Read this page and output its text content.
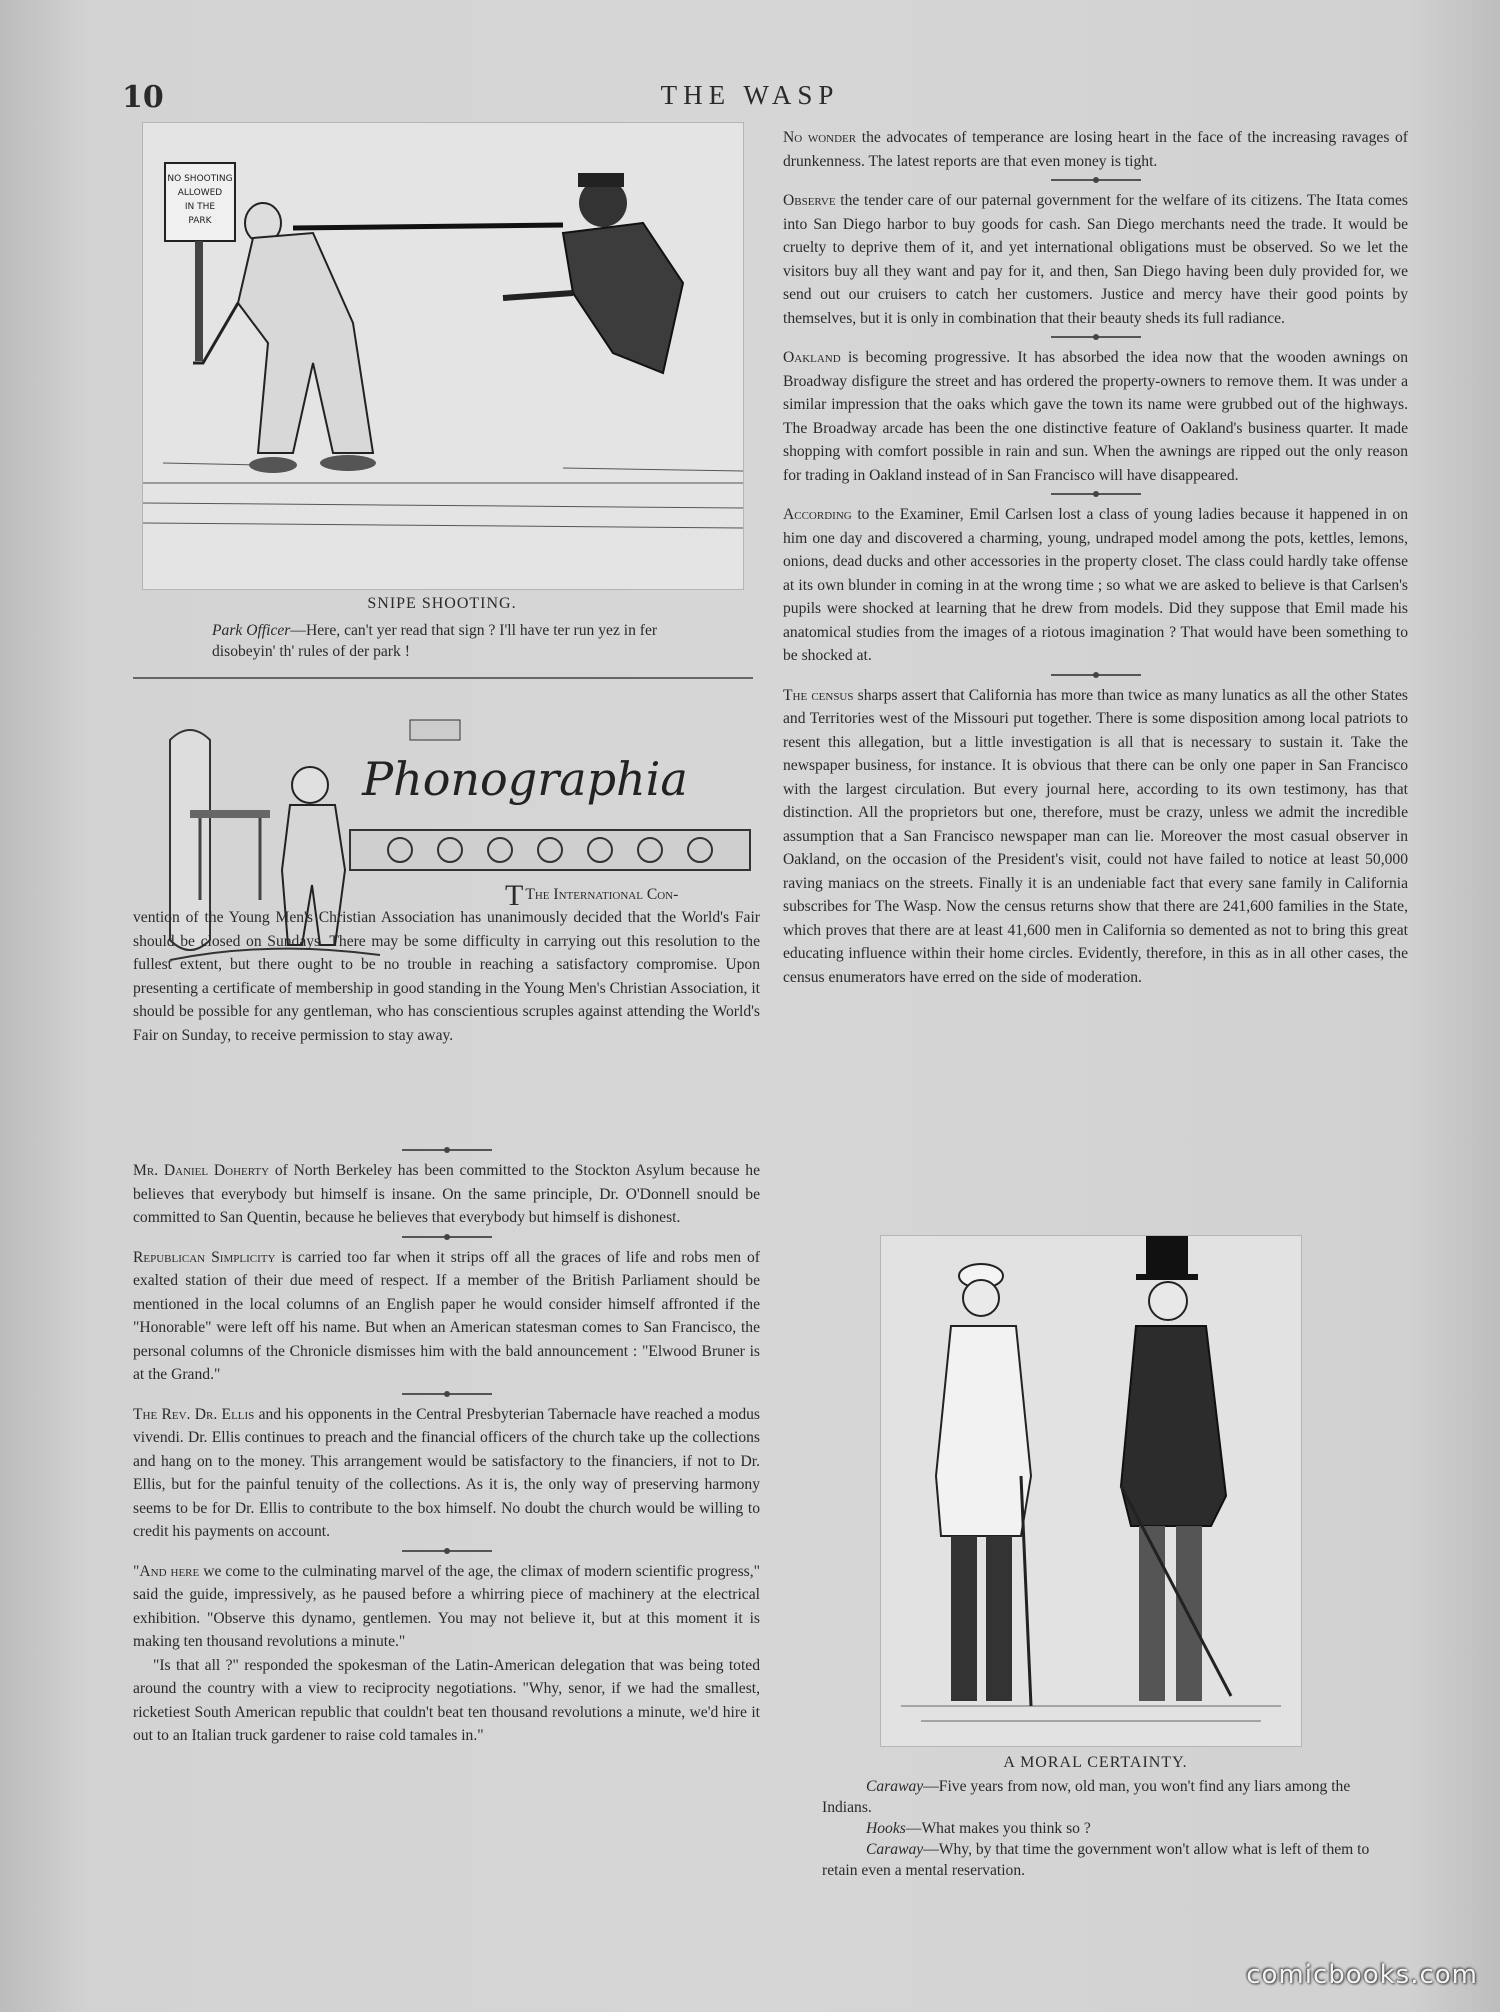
10	THE WASP
NO SHOOTING
ALLOWED
IN THE
PARK
SNIPE SHOOTING.
Park Officer—Here, can't yer read that sign ? I'll have ter run yez in fer disobeyin' th' rules of der park !
Phonographia
T The International Con-
vention of the Young Men's Christian Association has unanimously decided that the World's Fair should be closed on Sundays. There may be some difficulty in carrying out this resolution to the fullest extent, but there ought to be no trouble in reaching a satisfactory compromise. Upon presenting a certificate of membership in good standing in the Young Men's Christian Association, it should be possible for any gentleman, who has conscientious scruples against attending the World's Fair on Sunday, to receive permission to stay away.

Mr. Daniel Doherty of North Berkeley has been committed to the Stockton Asylum because he believes that everybody but himself is insane. On the same principle, Dr. O'Donnell snould be committed to San Quentin, because he believes that everybody but himself is dishonest.

Republican Simplicity is carried too far when it strips off all the graces of life and robs men of exalted station of their due meed of respect. If a member of the British Parliament should be mentioned in the local columns of an English paper he would consider himself affronted if the "Honorable" were left off his name. But when an American statesman comes to San Francisco, the personal columns of the Chronicle dismisses him with the bald announcement : "Elwood Bruner is at the Grand."

The Rev. Dr. Ellis and his opponents in the Central Presbyterian Tabernacle have reached a modus vivendi. Dr. Ellis continues to preach and the financial officers of the church take up the collections and hang on to the money. This arrangement would be satisfactory to the financiers, if not to Dr. Ellis, but for the painful tenuity of the collections. As it is, the only way of preserving harmony seems to be for Dr. Ellis to contribute to the box himself. No doubt the church would be willing to credit his payments on account.

"And here we come to the culminating marvel of the age, the climax of modern scientific progress," said the guide, impressively, as he paused before a whirring piece of machinery at the electrical exhibition. "Observe this dynamo, gentlemen. You may not believe it, but at this moment it is making ten thousand revolutions a minute."

"Is that all ?" responded the spokesman of the Latin-American delegation that was being toted around the country with a view to reciprocity negotiations. "Why, senor, if we had the smallest, ricketiest South American republic that couldn't beat ten thousand revolutions a minute, we'd hire it out to an Italian truck gardener to raise cold tamales in."

No wonder the advocates of temperance are losing heart in the face of the increasing ravages of drunkenness. The latest reports are that even money is tight.

Observe the tender care of our paternal government for the welfare of its citizens. The Itata comes into San Diego harbor to buy goods for cash. San Diego merchants need the trade. It would be cruelty to deprive them of it, and yet international obligations must be observed. So we let the visitors buy all they want and pay for it, and then, San Diego having been duly provided for, we send out our cruisers to catch her customers. Justice and mercy have their good points by themselves, but it is only in combination that their beauty sheds its full radiance.

Oakland is becoming progressive. It has absorbed the idea now that the wooden awnings on Broadway disfigure the street and has ordered the property-owners to remove them. It was under a similar impression that the oaks which gave the town its name were grubbed out of the highways. The Broadway arcade has been the one distinctive feature of Oakland's business quarter. It made shopping with comfort possible in rain and sun. When the awnings are ripped out the only reason for trading in Oakland instead of in San Francisco will have disappeared.

According to the Examiner, Emil Carlsen lost a class of young ladies because it happened in on him one day and discovered a charming, young, undraped model among the pots, kettles, lemons, onions, dead ducks and other accessories in the property closet. The class could hardly take offense at its own blunder in coming in at the wrong time ; so what we are asked to believe is that Carlsen's pupils were shocked at learning that he drew from models. Did they suppose that Emil made his anatomical studies from the images of a riotous imagination ? That would have been something to be shocked at.

The census sharps assert that California has more than twice as many lunatics as all the other States and Territories west of the Missouri put together. There is some disposition among local patriots to resent this allegation, but a little investigation is all that is necessary to sustain it. Take the newspaper business, for instance. It is obvious that there can be only one paper in San Francisco with the largest circulation. But every journal here, according to its own testimony, has that distinction. All the proprietors but one, therefore, must be crazy, unless we admit the incredible assumption that a San Francisco newspaper man can lie. Moreover the most casual observer in Oakland, on the occasion of the President's visit, could not have failed to notice at least 50,000 raving maniacs on the streets. Finally it is an undeniable fact that every sane family in California subscribes for The Wasp. Now the census returns show that there are 241,600 families in the State, which proves that there are at least 41,600 men in California so demented as not to bring this great educating influence within their home circles. Evidently, therefore, in this as in all other cases, the census enumerators have erred on the side of moderation.

A MORAL CERTAINTY.
Caraway—Five years from now, old man, you won't find any liars among the Indians.
Hooks—What makes you think so ?
Caraway—Why, by that time the government won't allow what is left of them to retain even a mental reservation.
comicbooks.com
